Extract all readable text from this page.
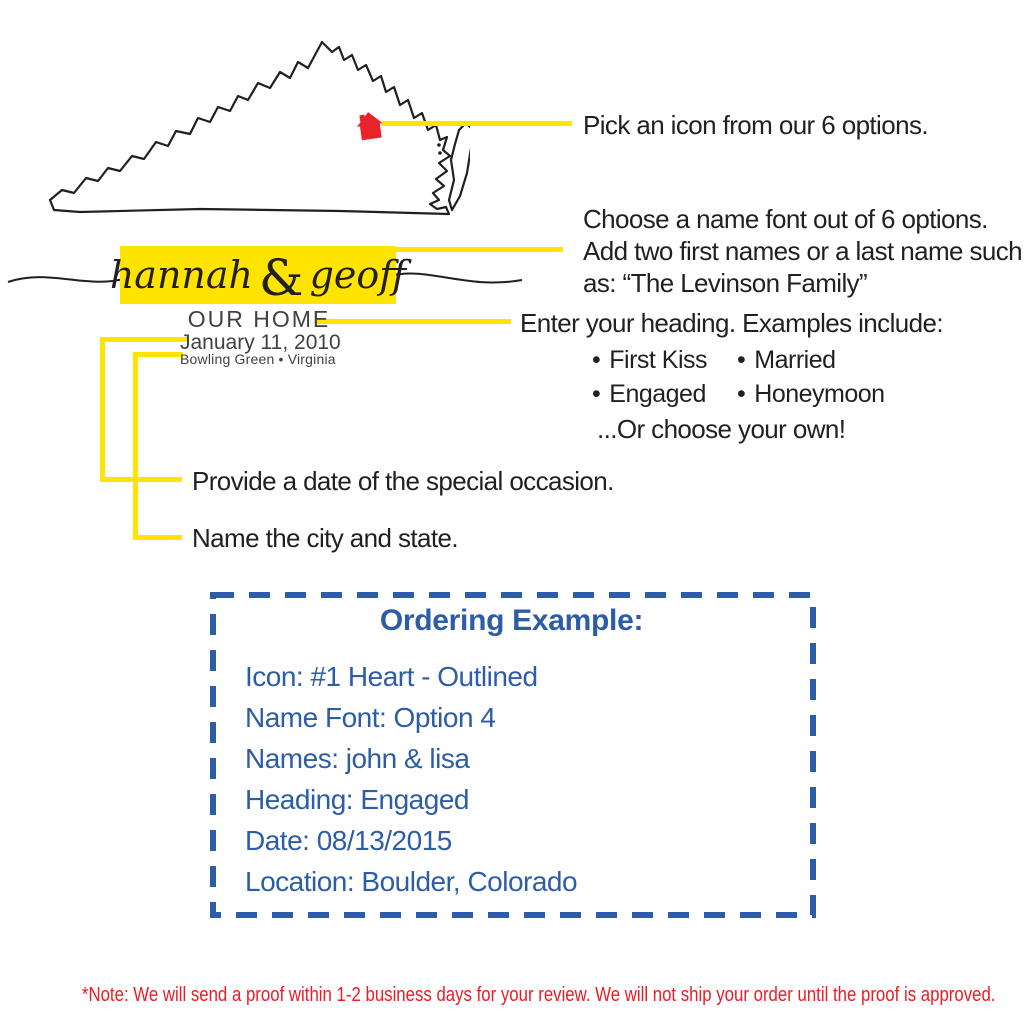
hannah & geoff
OUR HOME
January 11, 2010
Bowling Green • Virginia
Pick an icon from our 6 options.
Choose a name font out of 6 options.
Add two first names or a last name such
as: “The Levinson Family”
Enter your heading. Examples include:
• First Kiss • Married
• Engaged • Honeymoon
...Or choose your own!
Provide a date of the special occasion.
Name the city and state.
Ordering Example:
Icon: #1 Heart - Outlined
Name Font: Option 4
Names: john & lisa
Heading: Engaged
Date: 08/13/2015
Location: Boulder, Colorado
*Note: We will send a proof within 1-2 business days for your review. We will not ship your order until the proof is approved.
